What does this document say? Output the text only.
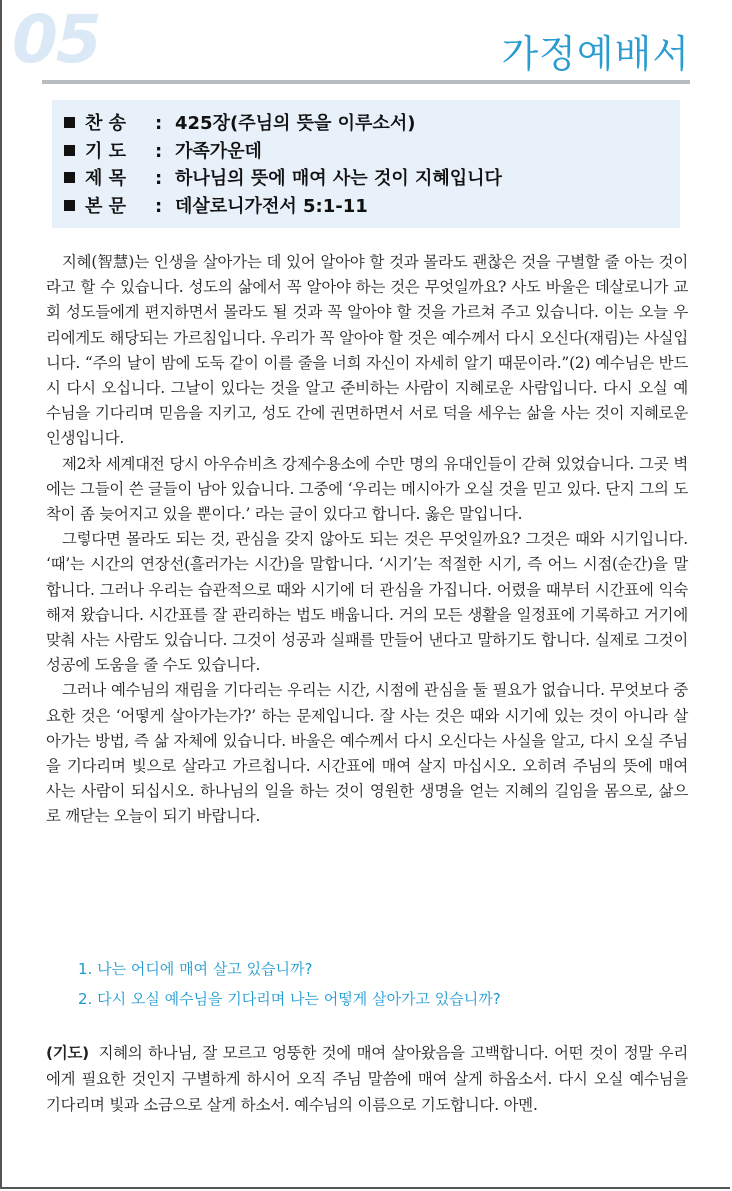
05	가정예배서
찬 송 : 425장(주님의 뜻을 이루소서)
기 도 : 가족가운데
제 목 : 하나님의 뜻에 매여 사는 것이 지혜입니다
본 문 : 데살로니가전서 5:1-11

지혜(智慧)는 인생을 살아가는 데 있어 알아야 할 것과 몰라도 괜찮은 것을 구별할 줄 아는 것이라고 할 수 있습니다. 성도의 삶에서 꼭 알아야 하는 것은 무엇일까요? 사도 바울은 데살로니가 교회 성도들에게 편지하면서 몰라도 될 것과 꼭 알아야 할 것을 가르쳐 주고 있습니다. 이는 오늘 우리에게도 해당되는 가르침입니다. 우리가 꼭 알아야 할 것은 예수께서 다시 오신다(재림)는 사실입니다. “주의 날이 밤에 도둑 같이 이를 줄을 너희 자신이 자세히 알기 때문이라.”(2) 예수님은 반드시 다시 오십니다. 그날이 있다는 것을 알고 준비하는 사람이 지혜로운 사람입니다. 다시 오실 예수님을 기다리며 믿음을 지키고, 성도 간에 권면하면서 서로 덕을 세우는 삶을 사는 것이 지혜로운 인생입니다.

제2차 세계대전 당시 아우슈비츠 강제수용소에 수만 명의 유대인들이 갇혀 있었습니다. 그곳 벽에는 그들이 쓴 글들이 남아 있습니다. 그중에 ‘우리는 메시아가 오실 것을 믿고 있다. 단지 그의 도착이 좀 늦어지고 있을 뿐이다.’ 라는 글이 있다고 합니다. 옳은 말입니다.

그렇다면 몰라도 되는 것, 관심을 갖지 않아도 되는 것은 무엇일까요? 그것은 때와 시기입니다. ‘때’는 시간의 연장선(흘러가는 시간)을 말합니다. ‘시기’는 적절한 시기, 즉 어느 시점(순간)을 말합니다. 그러나 우리는 습관적으로 때와 시기에 더 관심을 가집니다. 어렸을 때부터 시간표에 익숙해져 왔습니다. 시간표를 잘 관리하는 법도 배웁니다. 거의 모든 생활을 일정표에 기록하고 거기에 맞춰 사는 사람도 있습니다. 그것이 성공과 실패를 만들어 낸다고 말하기도 합니다. 실제로 그것이 성공에 도움을 줄 수도 있습니다.

그러나 예수님의 재림을 기다리는 우리는 시간, 시점에 관심을 둘 필요가 없습니다. 무엇보다 중요한 것은 ‘어떻게 살아가는가?’ 하는 문제입니다. 잘 사는 것은 때와 시기에 있는 것이 아니라 살아가는 방법, 즉 삶 자체에 있습니다. 바울은 예수께서 다시 오신다는 사실을 알고, 다시 오실 주님을 기다리며 빛으로 살라고 가르칩니다. 시간표에 매여 살지 마십시오. 오히려 주님의 뜻에 매여 사는 사람이 되십시오. 하나님의 일을 하는 것이 영원한 생명을 얻는 지혜의 길임을 몸으로, 삶으로 깨닫는 오늘이 되기 바랍니다.

1. 나는 어디에 매여 살고 있습니까?
2. 다시 오실 예수님을 기다리며 나는 어떻게 살아가고 있습니까?

(기도) 지혜의 하나님, 잘 모르고 엉뚱한 것에 매여 살아왔음을 고백합니다. 어떤 것이 정말 우리에게 필요한 것인지 구별하게 하시어 오직 주님 말씀에 매여 살게 하옵소서. 다시 오실 예수님을 기다리며 빛과 소금으로 살게 하소서. 예수님의 이름으로 기도합니다. 아멘.
